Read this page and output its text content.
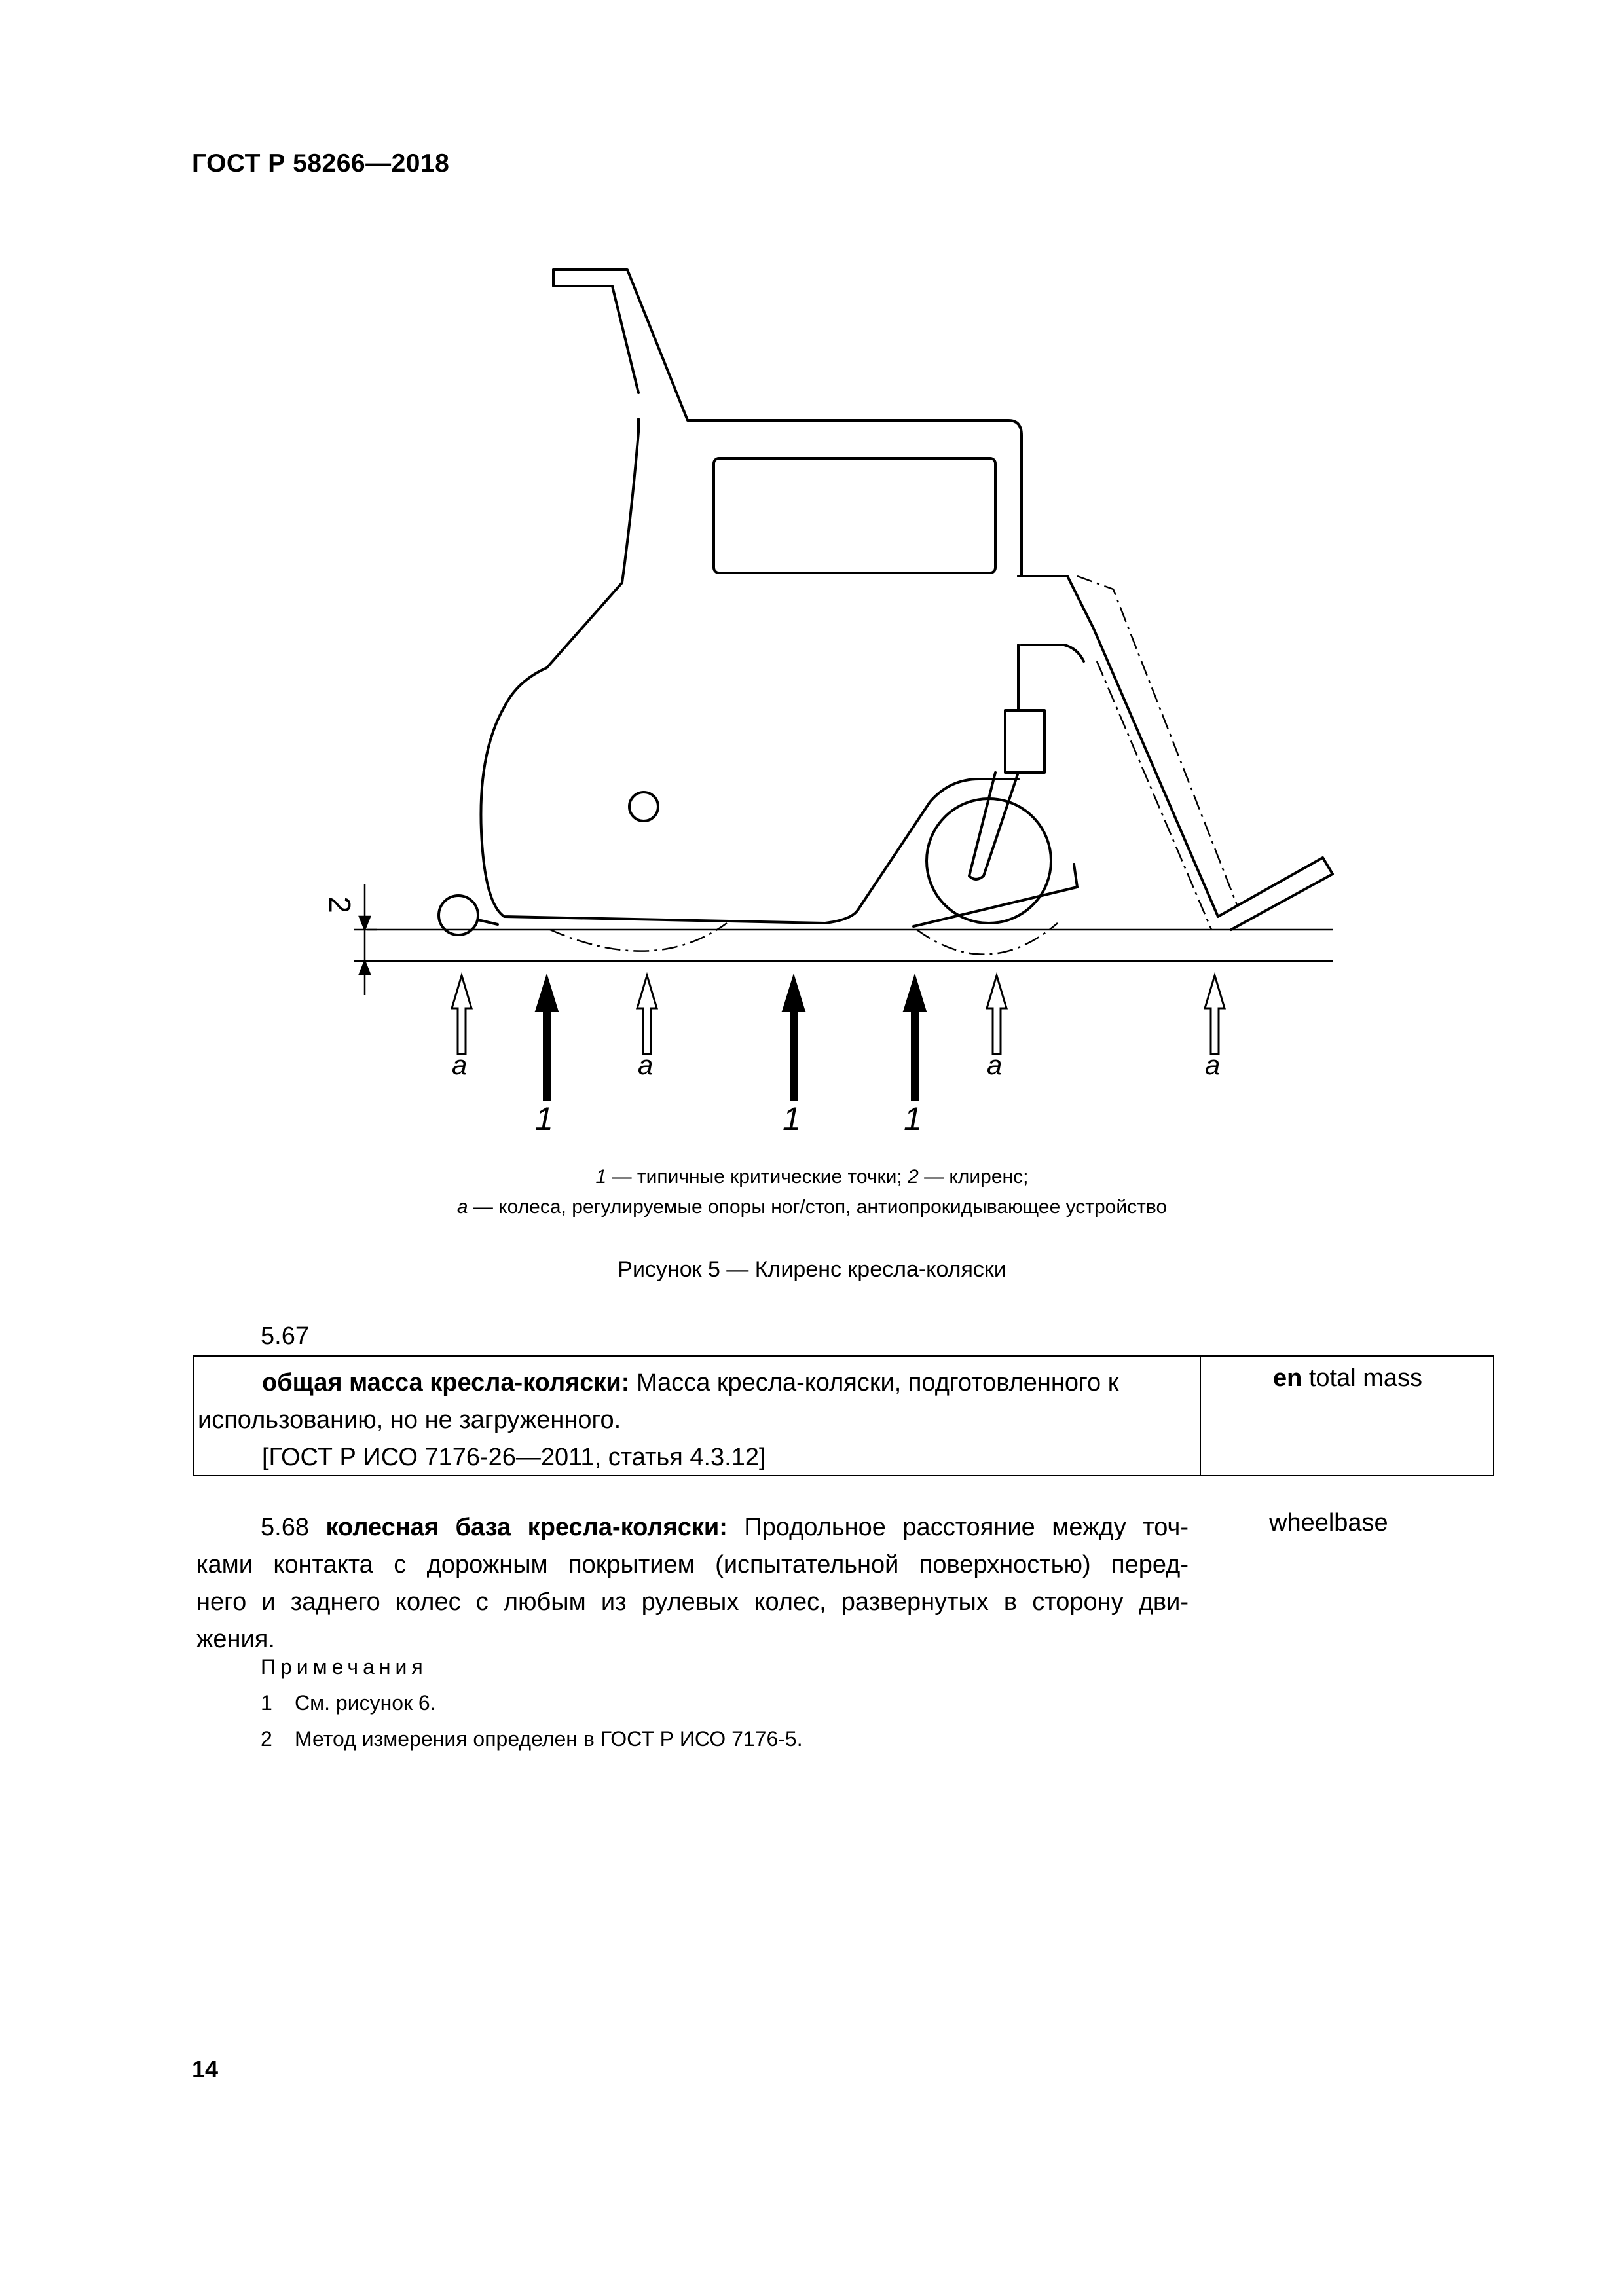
ГОСТ Р 58266—2018
a	a	a	a
1	1	1
2
1 — типичные критические точки; 2 — клиренс;
а — колеса, регулируемые опоры ног/стоп, антиопрокидывающее устройство
Рисунок 5 — Клиренс кресла-коляски
5.67

общая масса кресла-коляски: Масса кресла-коляски, подготовленного к

использованию, но не загруженного.

[ГОСТ Р ИСО 7176-26—2011, статья 4.3.12]

en total mass
5.68 колесная база кресла-коляски: Продольное расстояние между точ-
ками контакта с дорожным покрытием (испытательной поверхностью) перед-
него и заднего колес с любым из рулевых колес, развернутых в сторону дви-
жения.
wheelbase
Примечания
1 См. рисунок 6.
2 Метод измерения определен в ГОСТ Р ИСО 7176-5.
14
